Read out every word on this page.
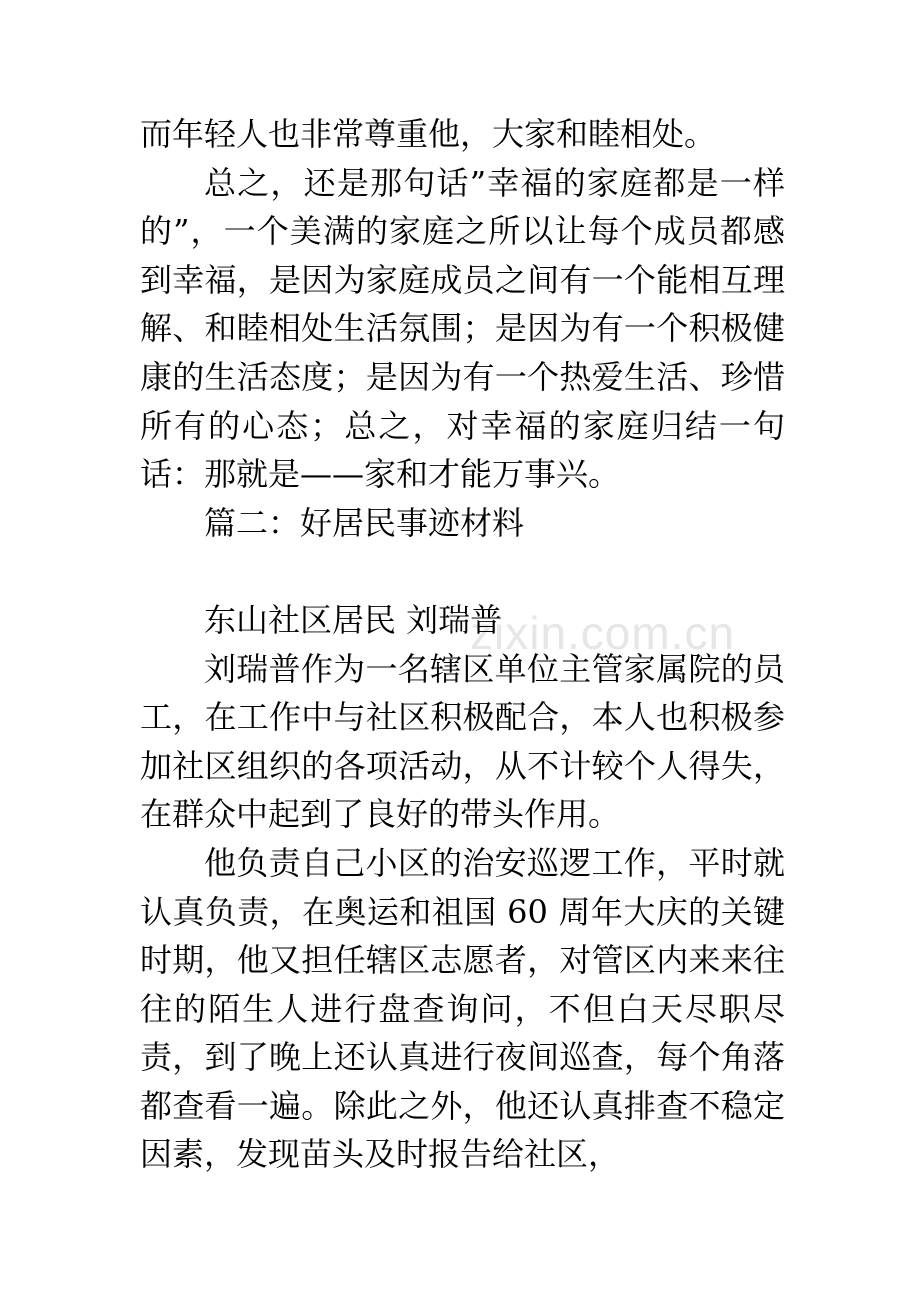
zixin.com.cn

而年轻人也非常尊重他，大家和睦相处。

总之，还是那句话”幸福的家庭都是一样的”，一个美满的家庭之所以让每个成员都感到幸福，是因为家庭成员之间有一个能相互理解、和睦相处生活氛围；是因为有一个积极健康的生活态度；是因为有一个热爱生活、珍惜所有的心态；总之，对幸福的家庭归结一句话：那就是——家和才能万事兴。

篇二：好居民事迹材料

东山社区居民 刘瑞普

刘瑞普作为一名辖区单位主管家属院的员工，在工作中与社区积极配合，本人也积极参加社区组织的各项活动，从不计较个人得失，在群众中起到了良好的带头作用。

他负责自己小区的治安巡逻工作，平时就认真负责，在奥运和祖国 60 周年大庆的关键时期，他又担任辖区志愿者，对管区内来来往往的陌生人进行盘查询问，不但白天尽职尽责，到了晚上还认真进行夜间巡查，每个角落都查看一遍。除此之外，他还认真排查不稳定因素，发现苗头及时报告给社区，
